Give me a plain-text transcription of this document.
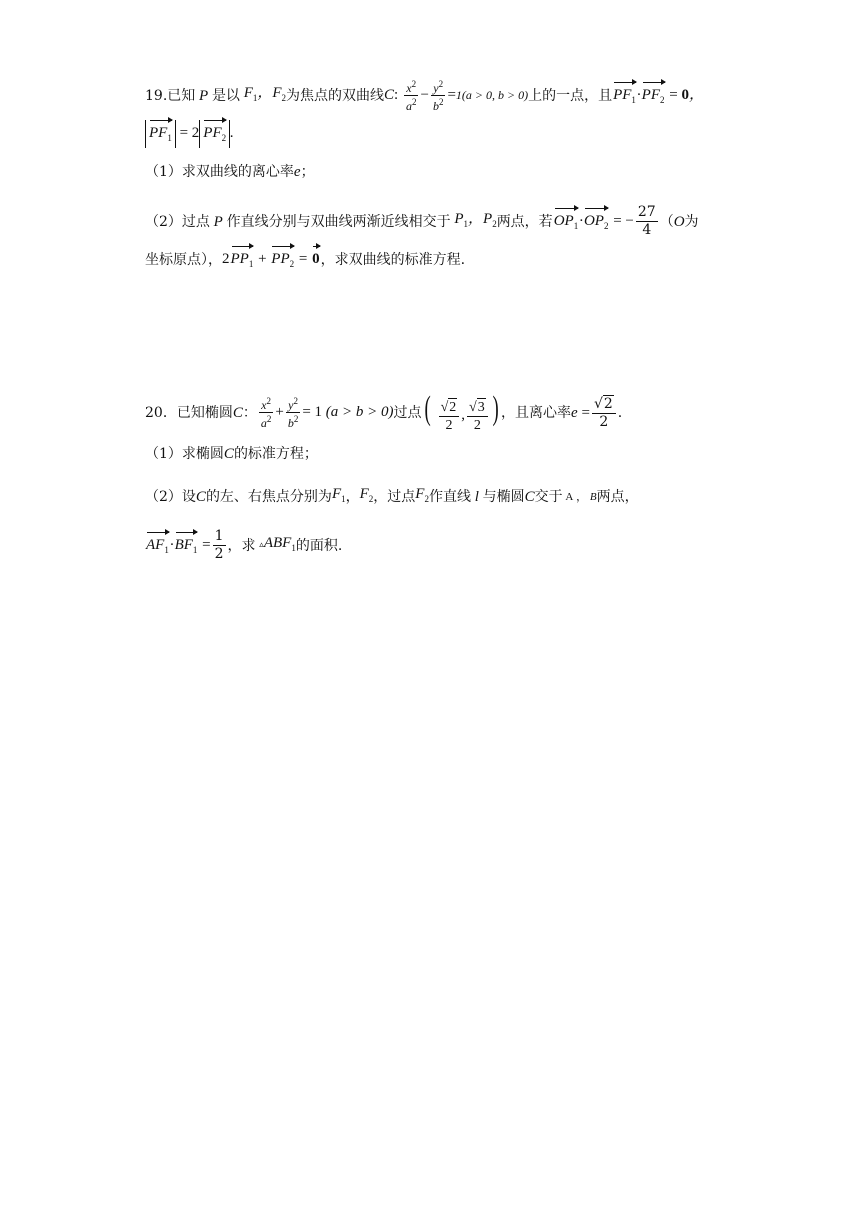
19. 已知 P 是以 $F_1$，$F_2$ 为焦点的双曲线 C: $\frac{x^2}{a^2} - \frac{y^2}{b^2} =1(a > 0$, b > 0) 上的一点，且 $PF_1\cdot PF_2 = 0$，
$PF_1 = 2$ $PF_2$ .
（1） 求双曲线的离心率 e ；
（2） 过点 P 作直线分别与双曲线两渐近线相交于 $P_1$，$P_2$ 两点，若 $OP_1\cdot OP_2$ = − $\frac{27}{4}$ （ O 为
坐标原点）， $2PP_1 + PP_2 = 0$ ，求双曲线的标准方程.
20． 已知椭圆 C ： $\frac{x^2}{a^2} + \frac{y^2}{b^2} = 1$ (a > b > 0) 过点 ( $\frac{√ 2}{2}$ , $\frac{√ 3}{2}$ ) ，且离心率 $e = \frac{√ 2}{2}$ .
（1） 求椭圆 C 的标准方程；
（2） 设 C 的左、右焦点分别为 $F_1$ ， $F_2$ ，过点 $F_2$ 作直线 l 与椭圆 C 交于 A ， B 两点，
$AF_1\cdot BF_1 = \frac{1}{2}$ ，求 $▵ABF_1$ 的面积.
